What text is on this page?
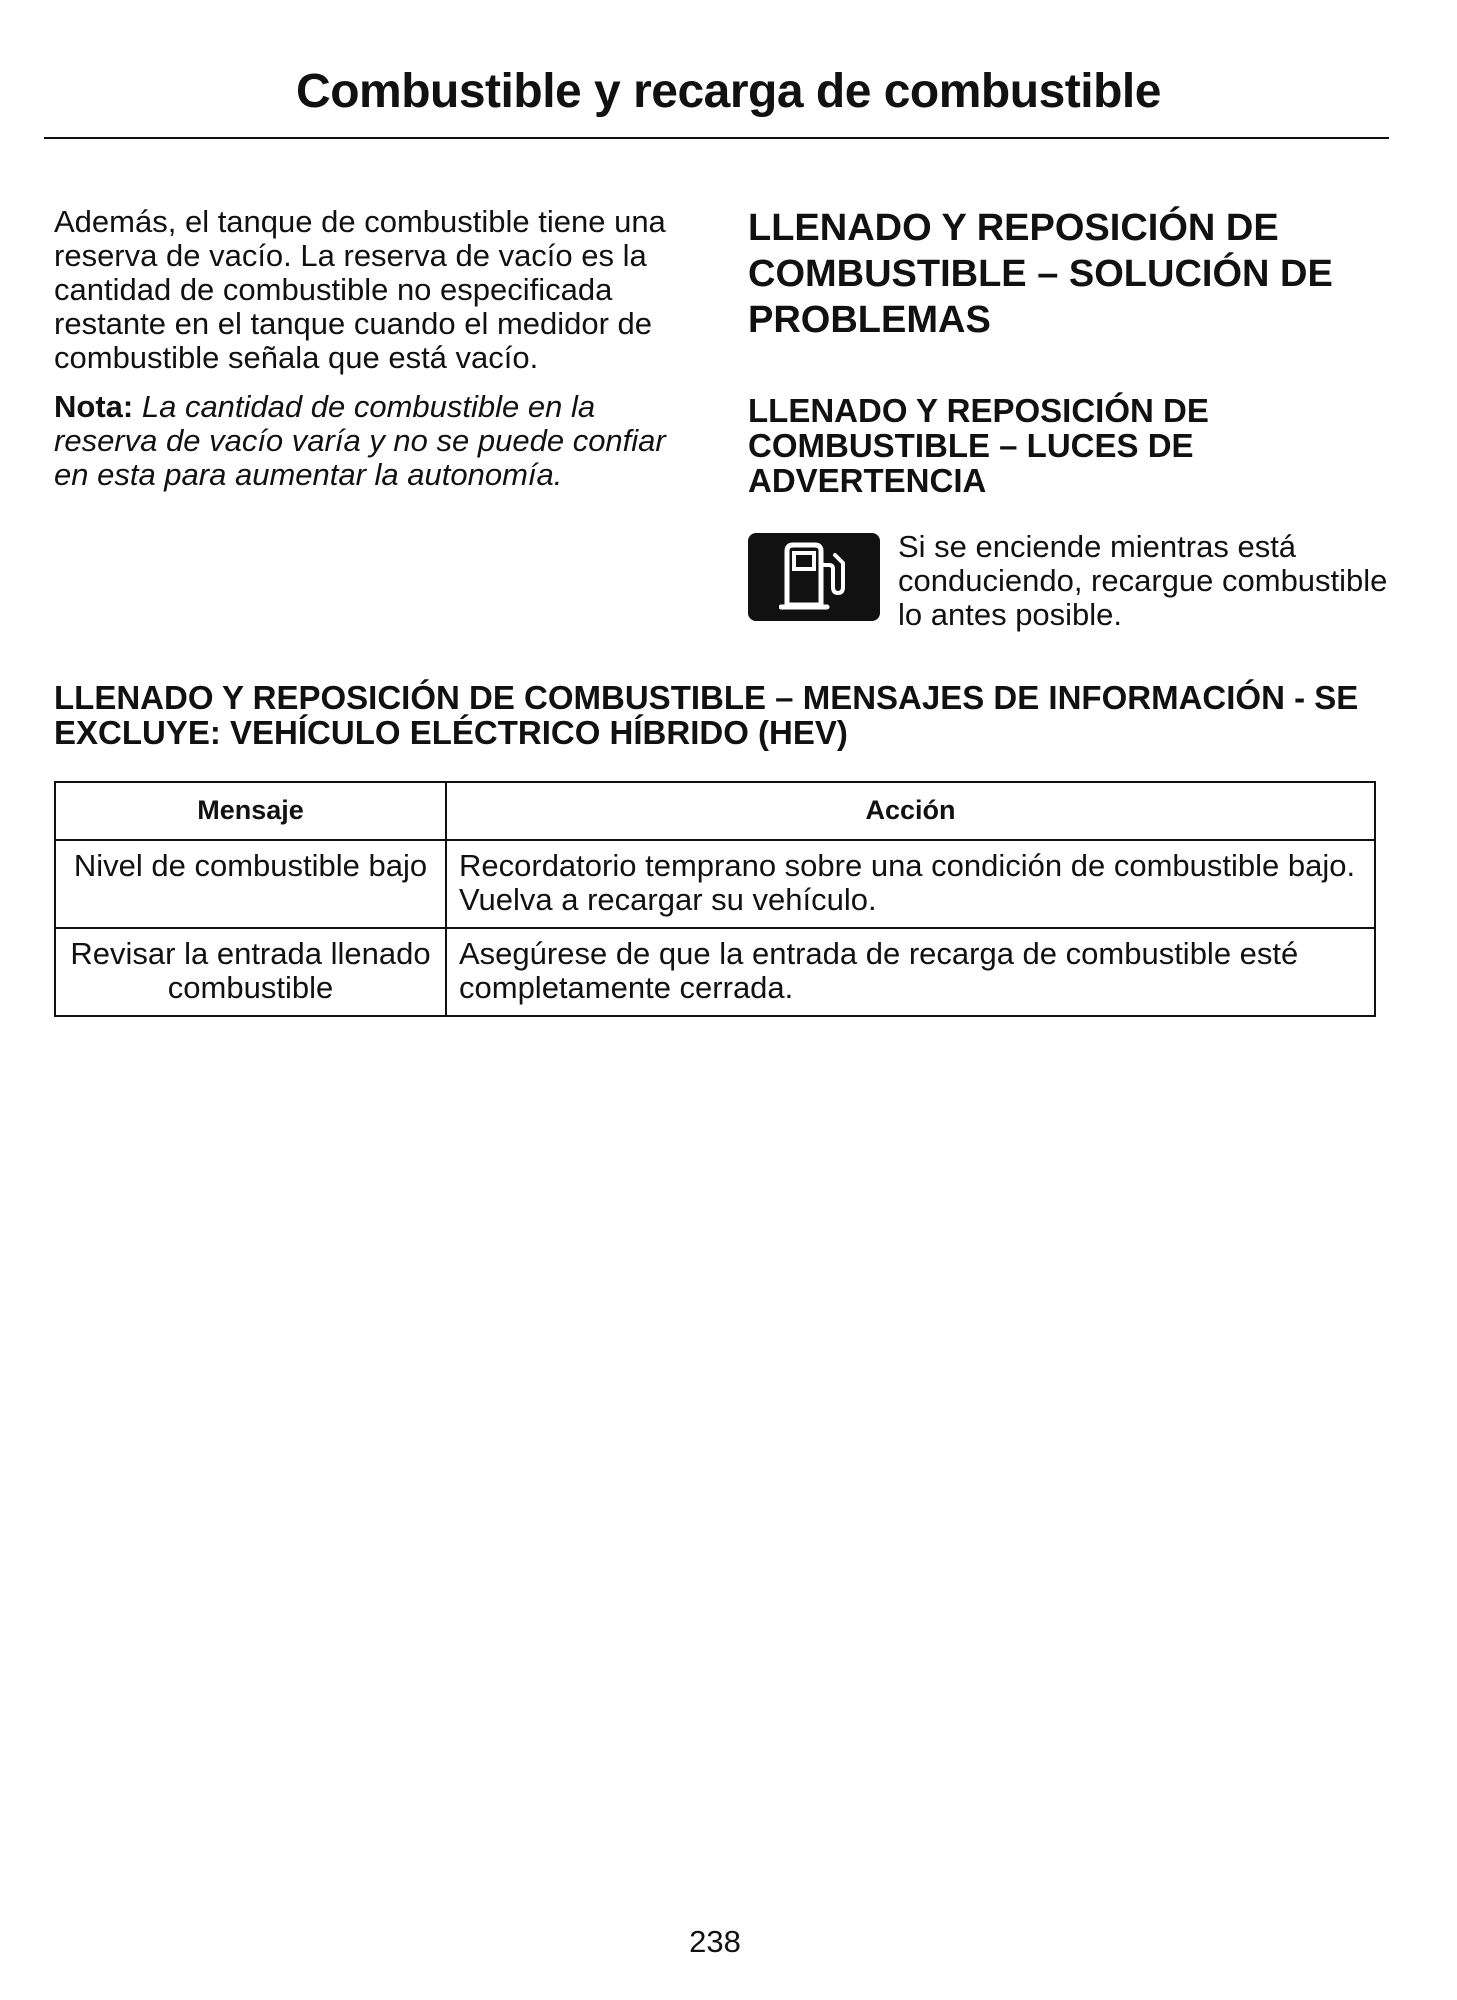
Combustible y recarga de combustible

Además, el tanque de combustible tiene una reserva de vacío. La reserva de vacío es la cantidad de combustible no especificada restante en el tanque cuando el medidor de combustible señala que está vacío.

Nota: La cantidad de combustible en la reserva de vacío varía y no se puede confiar en esta para aumentar la autonomía.

LLENADO Y REPOSICIÓN DE COMBUSTIBLE – SOLUCIÓN DE PROBLEMAS
LLENADO Y REPOSICIÓN DE COMBUSTIBLE – LUCES DE ADVERTENCIA
Si se enciende mientras está conduciendo, recargue combustible lo antes posible.
LLENADO Y REPOSICIÓN DE COMBUSTIBLE – MENSAJES DE INFORMACIÓN - SE EXCLUYE: VEHÍCULO ELÉCTRICO HÍBRIDO (HEV)
Mensaje	Acción
Nivel de combustible bajo	Recordatorio temprano sobre una condición de combustible bajo. Vuelva a recargar su vehículo.
Revisar la entrada llenado combustible	Asegúrese de que la entrada de recarga de combustible esté completamente cerrada.
238
